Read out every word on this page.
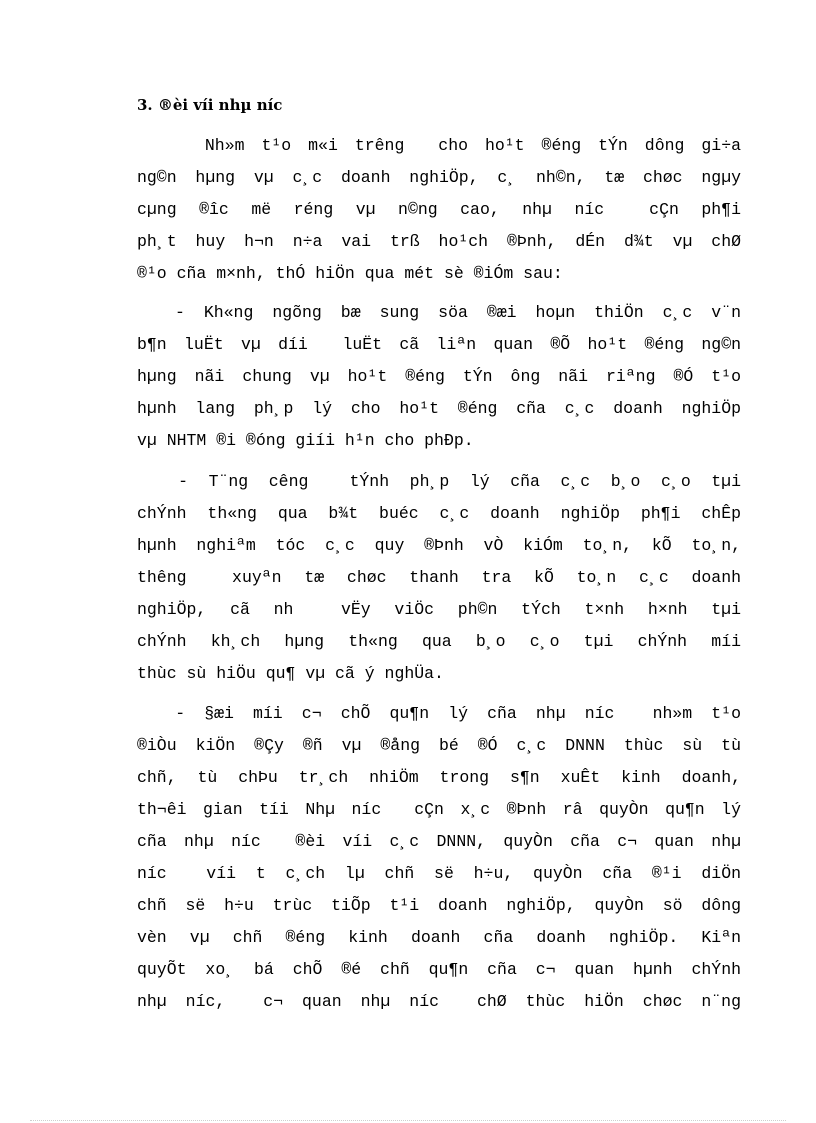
3. ®èi víi nhµ níc
Nh»m t¹o m«i trêng  cho ho¹t ®éng tÝn dông gi÷a
ng©n hµng vµ c¸c doanh nghiÖp, c¸ nh©n, tæ chøc ngµy
cµng ®îc më réng vµ n©ng cao, nhµ níc  cÇn ph¶i
ph¸t huy h¬n n÷a vai trß ho¹ch ®Þnh, dÉn d¾t vµ chØ
®¹o cña m×nh, thÓ hiÖn qua mét sè ®iÓm sau:
- Kh«ng ngõng bæ sung söa ®æi hoµn thiÖn c¸c v¨n
b¶n luËt vµ díi  luËt cã liªn quan ®Õ ho¹t ®éng ng©n
hµng nãi chung vµ ho¹t ®éng tÝn ông nãi riªng ®Ó t¹o
hµnh lang ph¸p lý cho ho¹t ®éng cña c¸c doanh nghiÖp
vµ NHTM ®i ®óng giíi h¹n cho phÐp.
- T¨ng cêng  tÝnh ph¸p lý cña c¸c b¸o c¸o tµi
chÝnh th«ng qua b¾t buéc c¸c doanh nghiÖp ph¶i chÊp
hµnh nghiªm tóc c¸c quy ®Þnh vÒ kiÓm to¸n, kÕ to¸n,
thêng  xuyªn tæ chøc thanh tra kÕ to¸n c¸c doanh
nghiÖp, cã nh  vËy viÖc ph©n tÝch t×nh h×nh tµi
chÝnh kh¸ch hµng th«ng qua b¸o c¸o tµi chÝnh míi
thùc sù hiÖu qu¶ vµ cã ý nghÜa.
- §æi míi c¬ chÕ qu¶n lý cña nhµ níc  nh»m t¹o
®iÒu kiÖn ®Çy ®ñ vµ ®ång bé ®Ó c¸c DNNN thùc sù tù
chñ, tù chÞu tr¸ch nhiÖm trong s¶n xuÊt kinh doanh,
th¬êi gian tíi Nhµ níc  cÇn x¸c ®Þnh râ quyÒn qu¶n lý
cña nhµ níc  ®èi víi c¸c DNNN, quyÒn cña c¬ quan nhµ
níc  víi t c¸ch lµ chñ së h÷u, quyÒn cña ®¹i diÖn
chñ së h÷u trùc tiÕp t¹i doanh nghiÖp, quyÒn sö dông
vèn vµ chñ ®éng kinh doanh cña doanh nghiÖp. Kiªn
quyÕt xo¸ bá chÕ ®é chñ qu¶n cña c¬ quan hµnh chÝnh
nhµ níc,  c¬ quan nhµ níc  chØ thùc hiÖn chøc n¨ng
